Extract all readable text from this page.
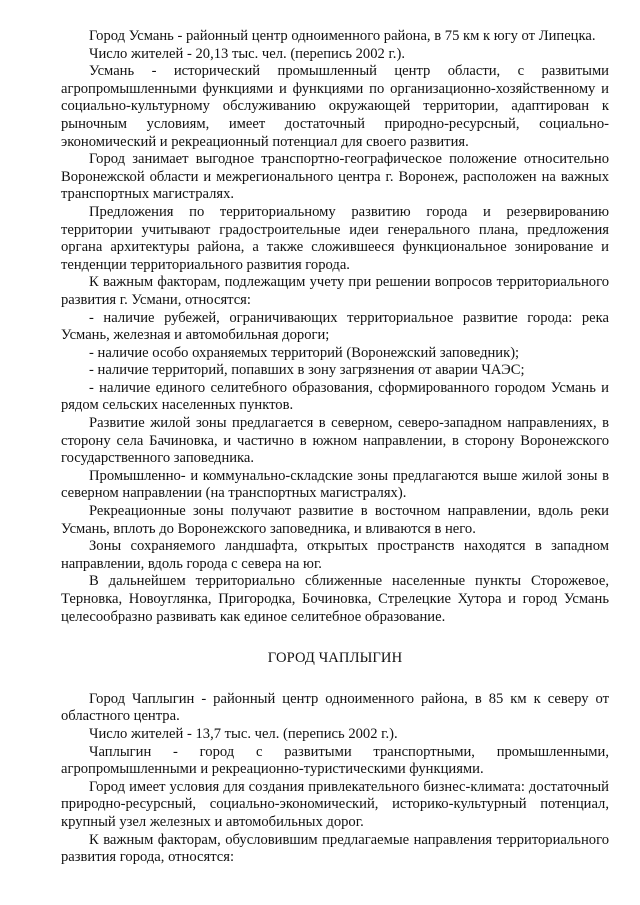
Город Усмань - районный центр одноименного района, в 75 км к югу от Липецка.

Число жителей - 20,13 тыс. чел. (перепись 2002 г.).

Усмань - исторический промышленный центр области, с развитыми агропромышленными функциями и функциями по организационно-хозяйственному и социально-культурному обслуживанию окружающей территории, адаптирован к рыночным условиям, имеет достаточный природно-ресурсный, социально-экономический и рекреационный потенциал для своего развития.

Город занимает выгодное транспортно-географическое положение относительно Воронежской области и межрегионального центра г. Воронеж, расположен на важных транспортных магистралях.

Предложения по территориальному развитию города и резервированию территории учитывают градостроительные идеи генерального плана, предложения органа архитектуры района, а также сложившееся функциональное зонирование и тенденции территориального развития города.

К важным факторам, подлежащим учету при решении вопросов территориального развития г. Усмани, относятся:

- наличие рубежей, ограничивающих территориальное развитие города: река Усмань, железная и автомобильная дороги;

- наличие особо охраняемых территорий (Воронежский заповедник);

- наличие территорий, попавших в зону загрязнения от аварии ЧАЭС;

- наличие единого селитебного образования, сформированного городом Усмань и рядом сельских населенных пунктов.

Развитие жилой зоны предлагается в северном, северо-западном направлениях, в сторону села Бачиновка, и частично в южном направлении, в сторону Воронежского государственного заповедника.

Промышленно- и коммунально-складские зоны предлагаются выше жилой зоны в северном направлении (на транспортных магистралях).

Рекреационные зоны получают развитие в восточном направлении, вдоль реки Усмань, вплоть до Воронежского заповедника, и вливаются в него.

Зоны сохраняемого ландшафта, открытых пространств находятся в западном направлении, вдоль города с севера на юг.

В дальнейшем территориально сближенные населенные пункты Сторожевое, Терновка, Новоуглянка, Пригородка, Бочиновка, Стрелецкие Хутора и город Усмань целесообразно развивать как единое селитебное образование.

ГОРОД ЧАПЛЫГИН

Город Чаплыгин - районный центр одноименного района, в 85 км к северу от областного центра.

Число жителей - 13,7 тыс. чел. (перепись 2002 г.).

Чаплыгин - город с развитыми транспортными, промышленными, агропромышленными и рекреационно-туристическими функциями.

Город имеет условия для создания привлекательного бизнес-климата: достаточный природно-ресурсный, социально-экономический, историко-культурный потенциал, крупный узел железных и автомобильных дорог.

К важным факторам, обусловившим предлагаемые направления территориального развития города, относятся:
